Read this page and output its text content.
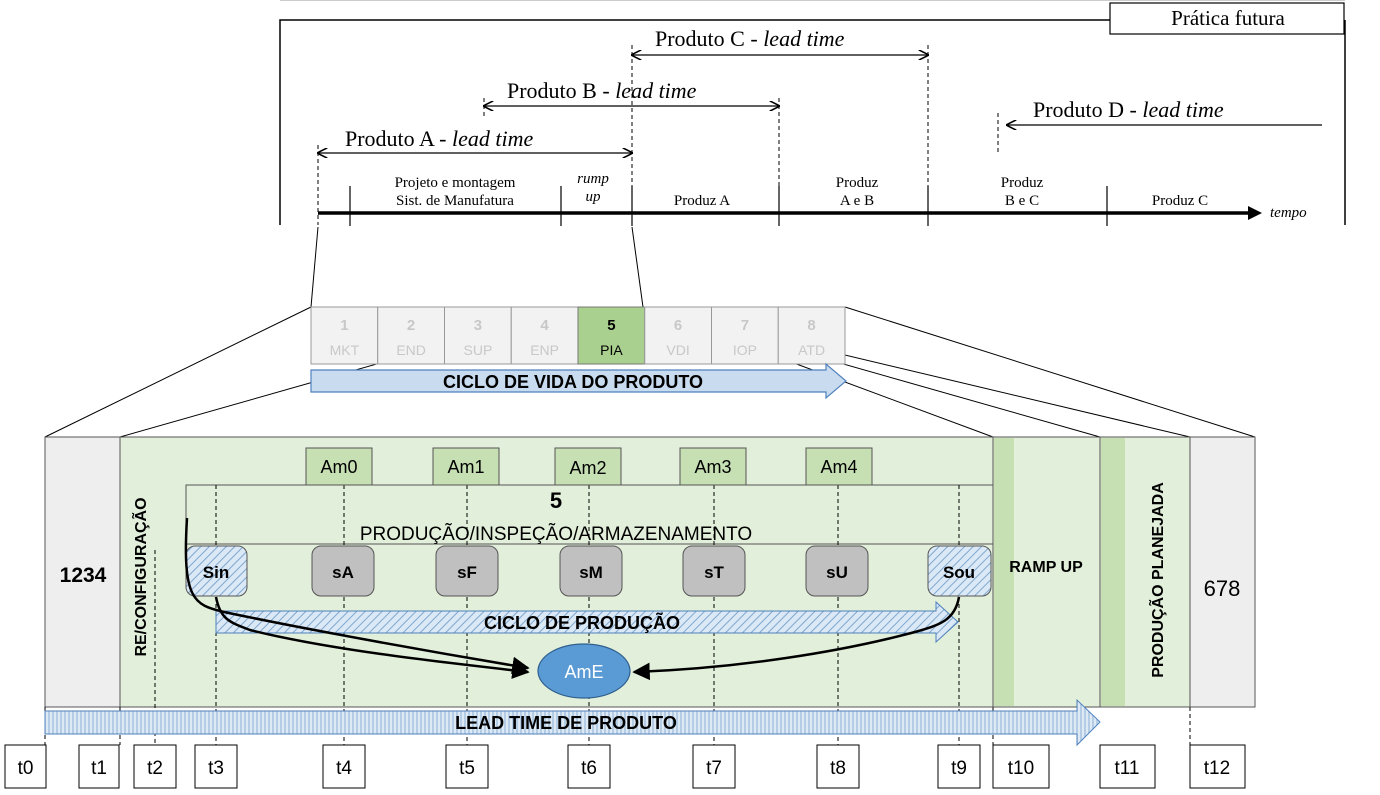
Prática futura
Produto C - lead time
Produto B - lead time
Produto A - lead time
Produto D - lead time
Projeto e montagem
Sist. de Manufatura
rump
up	Produz A
Produz
A e B
Produz
B e C	Produz C
tempo
1
MKT
2
END
3
SUP
4
ENP
5
PIA
6
VDI
7
IOP
8
ATD
CICLO DE VIDA DO PRODUTO
1234 RE/CONFIGURAÇÃO	5
PRODUÇÃO/INSPEÇÃO/ARMAZENAMENTO
Am0	Am1	Am2	Am3	Am4
Sin	sA	sF	sM	sT	sU	Sou
CICLO DE PRODUÇÃO
AmE
RAMP UP	PRODUÇÃO PLANEJADA 678
LEAD TIME DE PRODUTO
t0	t1 t2 t3	t4	t5	t6	t7	t8	t9 t10	t11	t12
